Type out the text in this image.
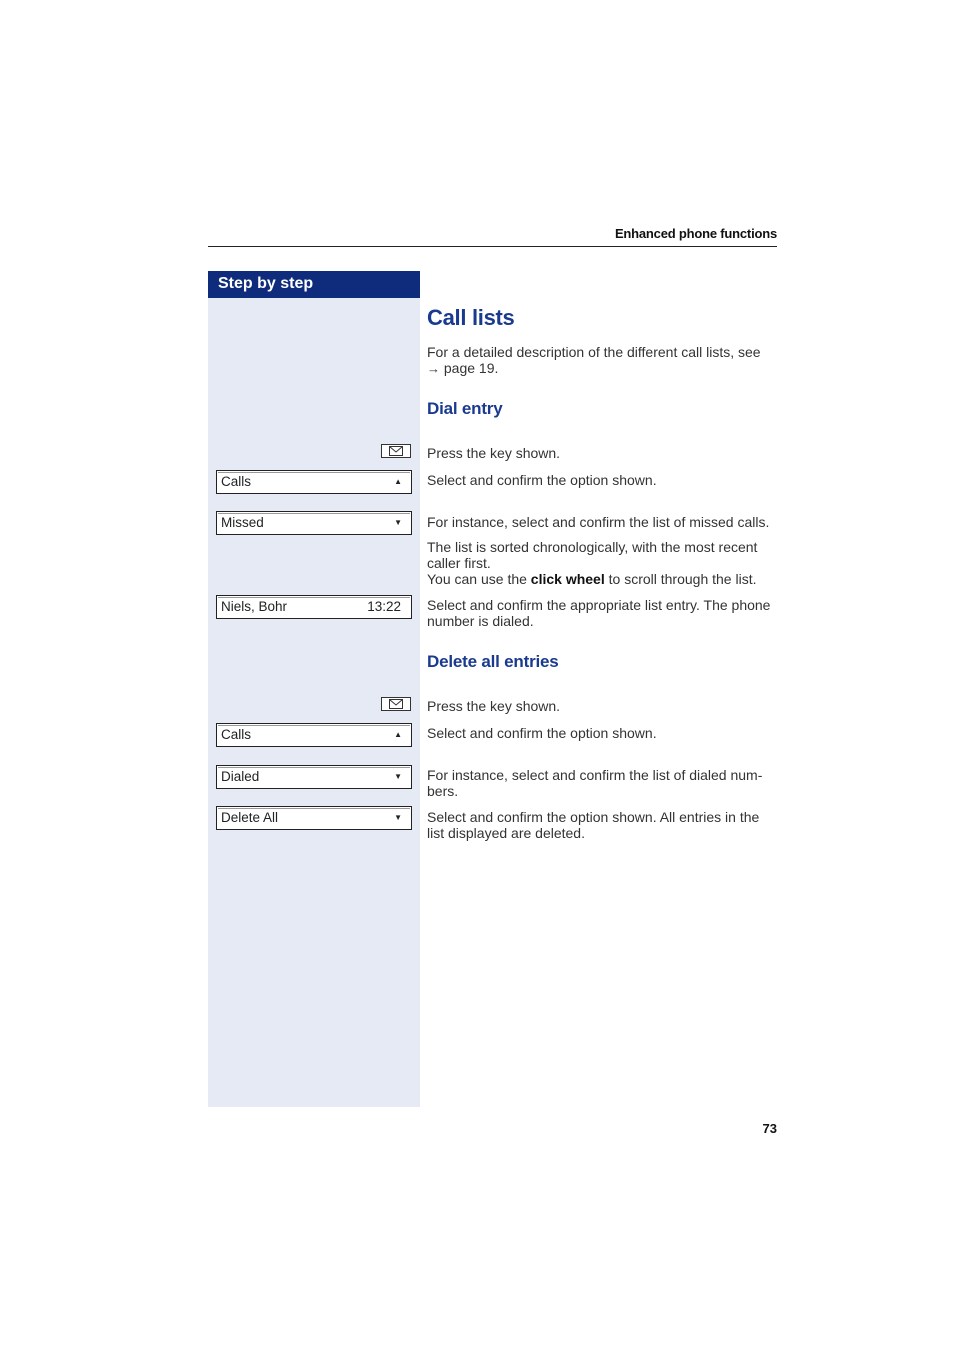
Enhanced phone functions
Step by step
Call lists
For a detailed description of the different call lists, see
→ page 19.
Dial entry
Press the key shown.
Calls	▲ Select and confirm the option shown.
Missed	▼ For instance, select and confirm the list of missed calls.
The list is sorted chronologically, with the most recent
caller first.
You can use the click wheel to scroll through the list.
Niels, Bohr	13:22 Select and confirm the appropriate list entry. The phone
number is dialed.
Delete all entries
Press the key shown.
Calls	▲ Select and confirm the option shown.
Dialed	▼ For instance, select and confirm the list of dialed num-
bers.
Delete All	▼ Select and confirm the option shown. All entries in the
list displayed are deleted.
73
